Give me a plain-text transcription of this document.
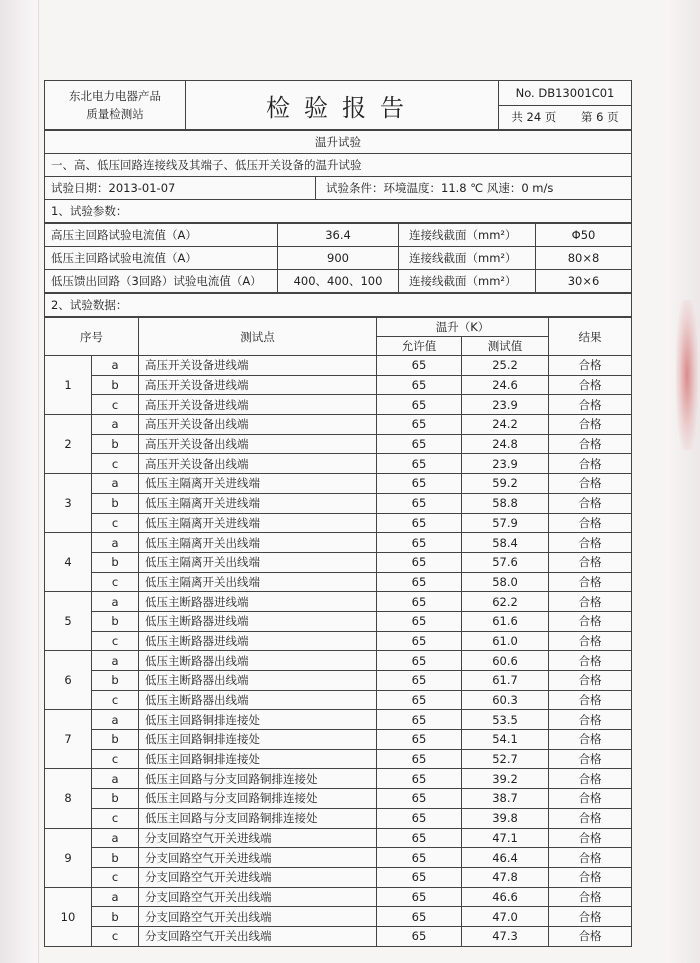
东北电力电器产品
质量检测站	检验报告	
No. DB13001C01
共 24 页 第 6 页
温升试验
一、高、低压回路连接线及其端子、低压开关设备的温升试验

试验日期：2013-01-07	试验条件：环境温度：11.8 ℃ 风速：0 m/s

1、试验参数：
高压主回路试验电流值（A）	36.4	连接线截面（mm²）	Φ50
低压主回路试验电流值（A）	900	连接线截面（mm²）	80×8
低压馈出回路（3回路）试验电流值（A）	400、400、100	连接线截面（mm²）	30×6
2、试验数据：
序号		测试点	温升（K）		结果
			允许值	测试值	
1	a	高压开关设备进线端	65	25.2	合格
	b	高压开关设备进线端	65	24.6	合格
	c	高压开关设备进线端	65	23.9	合格
2	a	高压开关设备出线端	65	24.2	合格
	b	高压开关设备出线端	65	24.8	合格
	c	高压开关设备出线端	65	23.9	合格
3	a	低压主隔离开关进线端	65	59.2	合格
	b	低压主隔离开关进线端	65	58.8	合格
	c	低压主隔离开关进线端	65	57.9	合格
4	a	低压主隔离开关出线端	65	58.4	合格
	b	低压主隔离开关出线端	65	57.6	合格
	c	低压主隔离开关出线端	65	58.0	合格
5	a	低压主断路器进线端	65	62.2	合格
	b	低压主断路器进线端	65	61.6	合格
	c	低压主断路器进线端	65	61.0	合格
6	a	低压主断路器出线端	65	60.6	合格
	b	低压主断路器出线端	65	61.7	合格
	c	低压主断路器出线端	65	60.3	合格
7	a	低压主回路铜排连接处	65	53.5	合格
	b	低压主回路铜排连接处	65	54.1	合格
	c	低压主回路铜排连接处	65	52.7	合格
8	a	低压主回路与分支回路铜排连接处	65	39.2	合格
	b	低压主回路与分支回路铜排连接处	65	38.7	合格
	c	低压主回路与分支回路铜排连接处	65	39.8	合格
9	a	分支回路空气开关进线端	65	47.1	合格
	b	分支回路空气开关进线端	65	46.4	合格
	c	分支回路空气开关进线端	65	47.8	合格
10	a	分支回路空气开关出线端	65	46.6	合格
	b	分支回路空气开关出线端	65	47.0	合格
	c	分支回路空气开关出线端	65	47.3	合格
